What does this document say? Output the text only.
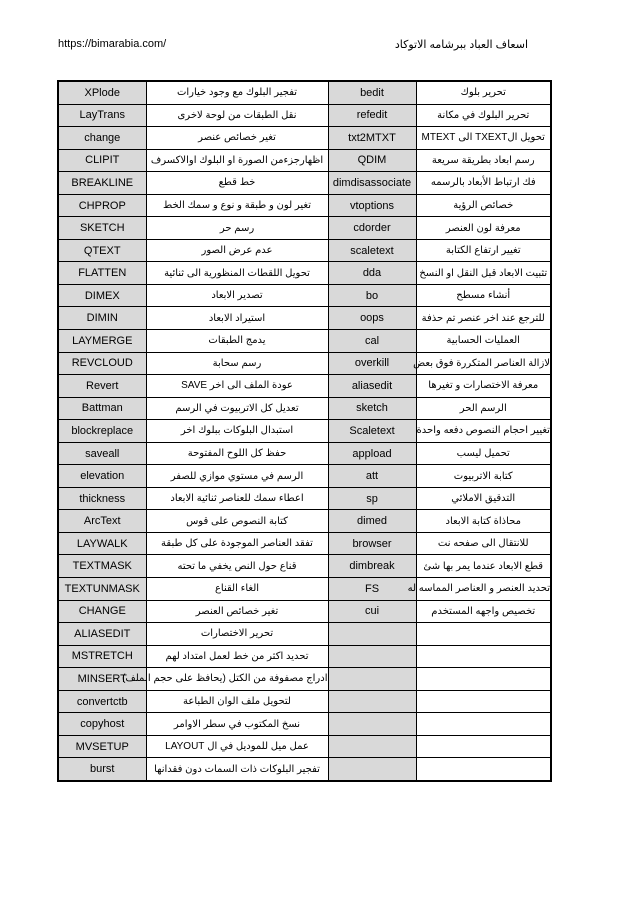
https://bimarabia.com/	اسعاف العباد ببرشامه الاتوكاد
XPlode	تفجير البلوك مع وجود خيارات	bedit	تحرير بلوك
LayTrans	نقل الطبقات من لوحة لاخرى	refedit	تحرير البلوك في مكانة
change	تغير خصائص عنصر	txt2MTXT	تحويل الTXEXT الى MTEXT
CLIPIT	اظهارجزءمن الصورة او البلوك اوالاكسرف	QDIM	رسم ابعاد بطريقة سريعة
BREAKLINE	خط قطع	dimdisassociate	فك ارتباط الأبعاد بالرسمه
CHPROP	تغير لون و طبقة و نوع و سمك الخط	vtoptions	خصائص الرؤية
SKETCH	رسم حر	cdorder	معرفة لون العنصر
QTEXT	عدم عرض الصور	scaletext	تغيير ارتفاع الكتابة
FLATTEN	تحويل اللقطات المنظورية الى ثنائية	dda	تثبيت الابعاد قبل النقل او النسخ
DIMEX	تصدير الابعاد	bo	أنشاء مسطح
DIMIN	استيراد الابعاد	oops	للترجع عند اخر عنصر تم حذفة
LAYMERGE	يدمج الطبقات	cal	العمليات الحسابية
REVCLOUD	رسم سحابة	overkill	لازالة العناصر المتكررة فوق بعض
Revert	عودة الملف الى اخر SAVE	aliasedit	معرفة الاختصارات و تغيرها
Battman	تعديل كل الاتربيوت في الرسم	sketch	الرسم الحر
blockreplace	استبدال البلوكات ببلوك اخر	Scaletext	تغيير احجام النصوص دفعه واحدة
saveall	حفظ كل اللوح المفتوحة	appload	تحميل ليسب
elevation	الرسم في مستوي موازي للصفر	att	كتابة الاتربيوت
thickness	اعطاء سمك للعناصر ثنائية الابعاد	sp	التدقيق الاملائي
ArcText	كتابة النصوص على قوس	dimed	محاذاة كتابة الابعاد
LAYWALK	تفقد العناصر الموجودة على كل طبقة	browser	للانتقال الى صفحه نت
TEXTMASK	قناع حول النص يخفي ما تحته	dimbreak	قطع الابعاد عندما يمر بها شئ
TEXTUNMASK	الغاء القناع	FS	تحديد العنصر و العناصر المماسه له
CHANGE	تغير خصائص العنصر	cui	تخصيص واجهه المستخدم
ALIASEDIT	تحرير الاختصارات		
MSTRETCH	تحديد اكثر من خط لعمل امتداد لهم		
MINSERT	ادراج مصفوفة من الكتل (يحافظ على حجم الملف)		
convertctb	لتحويل ملف الوان الطباعة		
copyhost	نسخ المكتوب في سطر الاوامر		
MVSETUP	عمل ميل للموديل في ال LAYOUT		
burst	تفجير البلوكات ذات السمات دون فقدانها		
